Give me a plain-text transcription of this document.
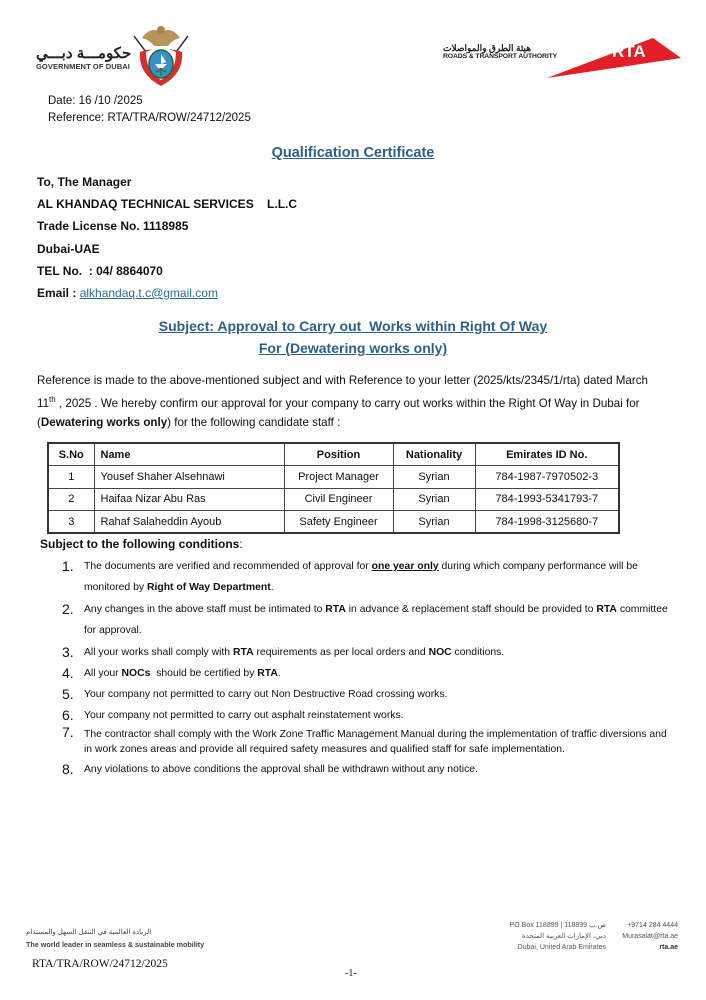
حكومـــة دبـــي
GOVERNMENT OF DUBAI
هيئة الطرق والمواصلات
ROADS & TRANSPORT AUTHORITY	RTA
Date: 16 /10 /2025
Reference: RTA/TRA/ROW/24712/2025
Qualification Certificate
To, The Manager
AL KHANDAQ TECHNICAL SERVICES    L.L.C
Trade License No. 1118985
Dubai-UAE
TEL No.  : 04/ 8864070
Email : alkhandaq.t.c@gmail.com
Subject: Approval to Carry out  Works within Right Of Way
For (Dewatering works only)
Reference is made to the above-mentioned subject and with Reference to your letter (2025/kts/2345/1/rta) dated March 11th , 2025 . We hereby confirm our approval for your company to carry out works within the Right Of Way in Dubai for (Dewatering works only) for the following candidate staff :
S.No	Name	Position	Nationality	Emirates ID No.
1	Yousef Shaher Alsehnawi	Project Manager	Syrian	784-1987-7970502-3
2	Haifaa Nizar Abu Ras	Civil Engineer	Syrian	784-1993-5341793-7
3	Rahaf Salaheddin Ayoub	Safety Engineer	Syrian	784-1998-3125680-7
Subject to the following conditions:
1. The documents are verified and recommended of approval for one year only during which company performance will be monitored by Right of Way Department.
2. Any changes in the above staff must be intimated to RTA in advance & replacement staff should be provided to RTA committee for approval.
3. All your works shall comply with RTA requirements as per local orders and NOC conditions.
4. All your NOCs  should be certified by RTA.
5. Your company not permitted to carry out Non Destructive Road crossing works.
6. Your company not permitted to carry out asphalt reinstatement works.
7. The contractor shall comply with the Work Zone Traffic Management Manual during the implementation of traffic diversions and in work zones areas and provide all required safety measures and qualified staff for safe implementation.
8. Any violations to above conditions the approval shall be withdrawn without any notice.
الريادة العالمية في التنقل السهل والمستدام
The world leader in seamless & sustainable mobility
RTA/TRA/ROW/24712/2025
-1-
PO Box 118899 | 118899 ص.ب
دبي، الإمارات العربية المتحدة
Dubai, United Arab Emirates
+9714 284 4444
Murasalat@rta.ae
rta.ae
